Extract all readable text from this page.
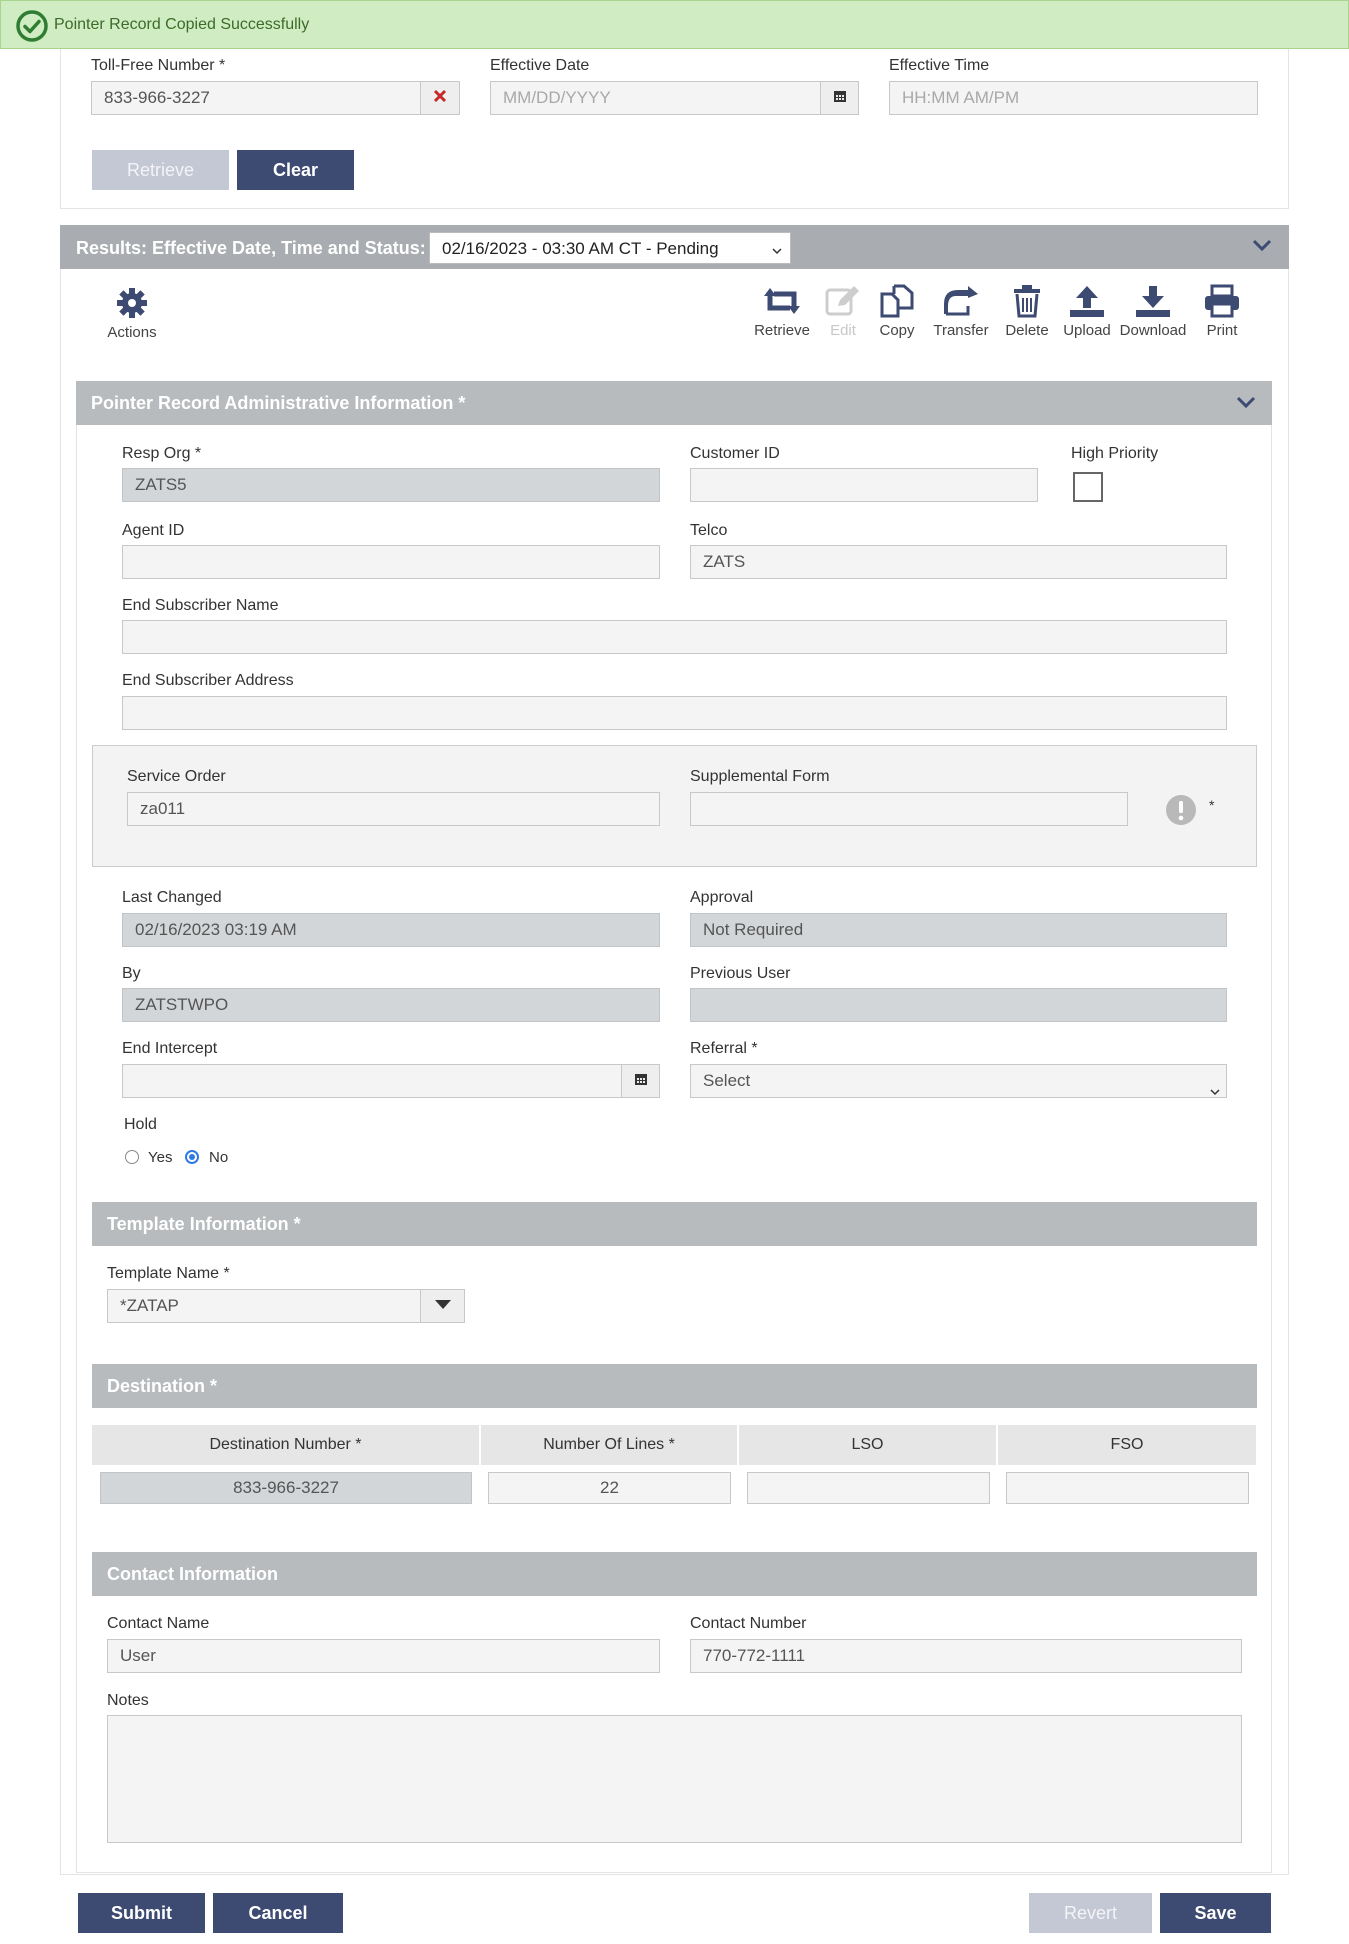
Pointer Record Copied Successfully
Toll-Free Number *
833-966-3227
Effective Date
MM/DD/YYYY
Effective Time
HH:MM AM/PM
Retrieve	Clear
Results: Effective Date, Time and Status: 02/16/2023 - 03:30 AM CT - Pending
Actions	Retrieve	Edit	Copy	Transfer Delete Upload Download	Print
Pointer Record Administrative Information *
Resp Org *
ZATS5
Customer ID	High Priority
Agent ID	Telco
ZATS
End Subscriber Name
End Subscriber Address
Service Order
za011
Supplemental Form
*
Last Changed
02/16/2023 03:19 AM
Approval
Not Required
By
ZATSTWPO
Previous User
End Intercept	Referral *
Select
Hold
Yes No
Template Information *
Template Name *
*ZATAP
Destination *
Destination Number *	Number Of Lines *	LSO	FSO
833-966-3227	22
Contact Information
Contact Name
User
Contact Number
770-772-1111
Notes
Submit	Cancel	Revert	Save
